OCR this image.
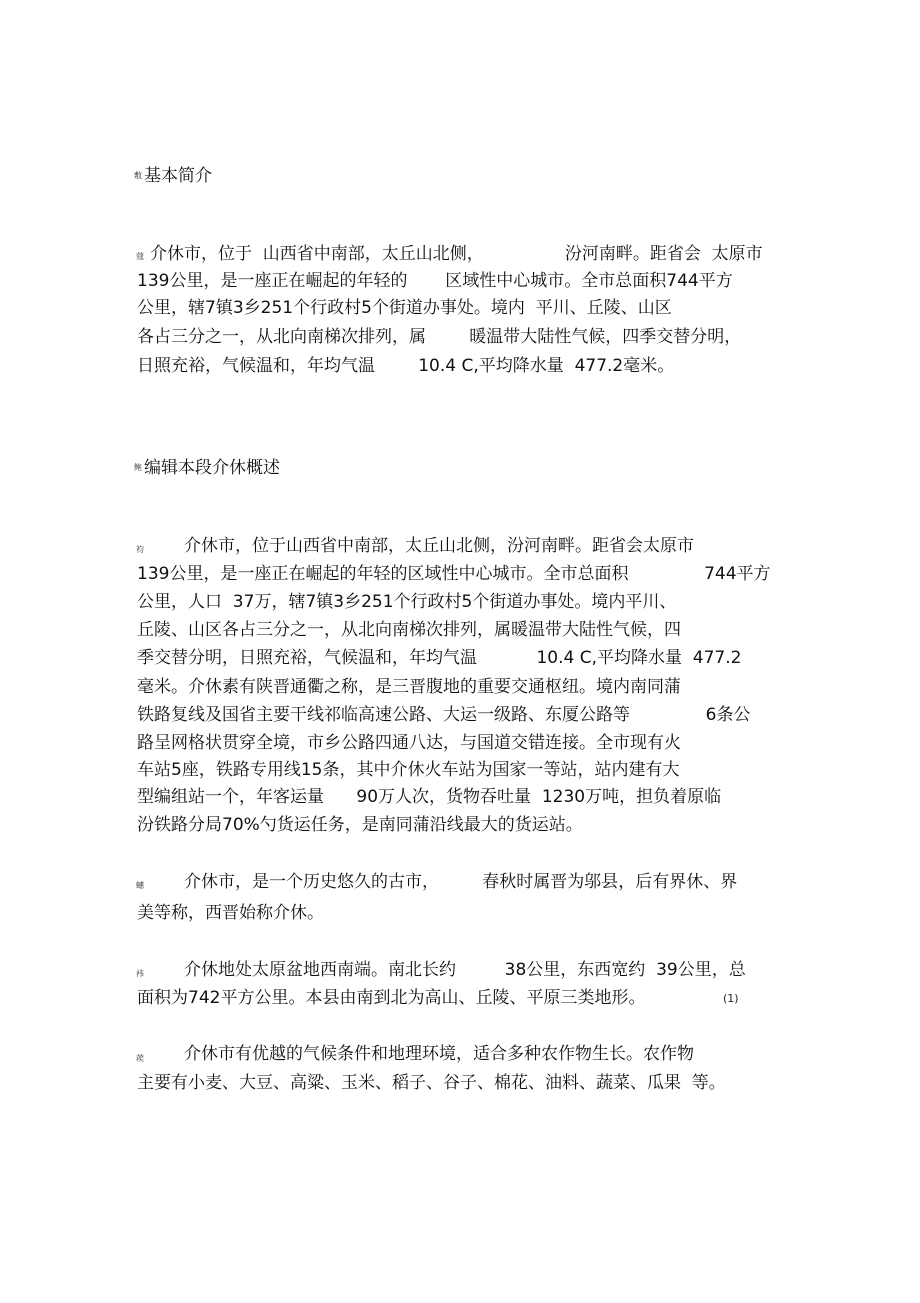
敷 基本简介
蔻 介休市，位于  山西省中南部，太丘山北侧，               汾河南畔。距省会  太原市
139公里，是一座正在崛起的年轻的       区域性中心城市。全市总面积744平方
公里，辖7镇3乡251个行政村5个街道办事处。境内  平川、丘陵、山区
各占三分之一，从北向南梯次排列，属        暖温带大陆性气候，四季交替分明，
日照充裕，气候温和，年均气温        10.4 C,平均降水量  477.2毫米。
鲍 编辑本段介休概述
袀 介休市，位于山西省中南部，太丘山北侧，汾河南畔。距省会太原市
139公里，是一座正在崛起的年轻的区域性中心城市。全市总面积              744平方
公里，人口  37万，辖7镇3乡251个行政村5个街道办事处。境内平川、
丘陵、山区各占三分之一，从北向南梯次排列，属暖温带大陆性气候，四
季交替分明，日照充裕，气候温和，年均气温           10.4 C,平均降水量  477.2
毫米。介休素有陕晋通衢之称，是三晋腹地的重要交通枢纽。境内南同蒲
铁路复线及国省主要干线祁临高速公路、大运一级路、东厦公路等              6条公
路呈网格状贯穿全境，市乡公路四通八达，与国道交错连接。全市现有火
车站5座，铁路专用线15条，其中介休火车站为国家一等站，站内建有大
型编组站一个，年客运量      90万人次，货物吞吐量  1230万吨，担负着原临
汾铁路分局70%勺货运任务，是南同蒲沿线最大的货运站。
蟪 介休市，是一个历史悠久的古市，        春秋时属晋为邬县，后有界休、界
美等称，西晋始称介休。
袆 介休地处太原盆地西南端。南北长约         38公里，东西宽约  39公里，总
面积为742平方公里。本县由南到北为高山、丘陵、平原三类地形。	(1)
蒺 介休市有优越的气候条件和地理环境，适合多种农作物生长。农作物
主要有小麦、大豆、高粱、玉米、稻子、谷子、棉花、油料、蔬菜、瓜果  等。
